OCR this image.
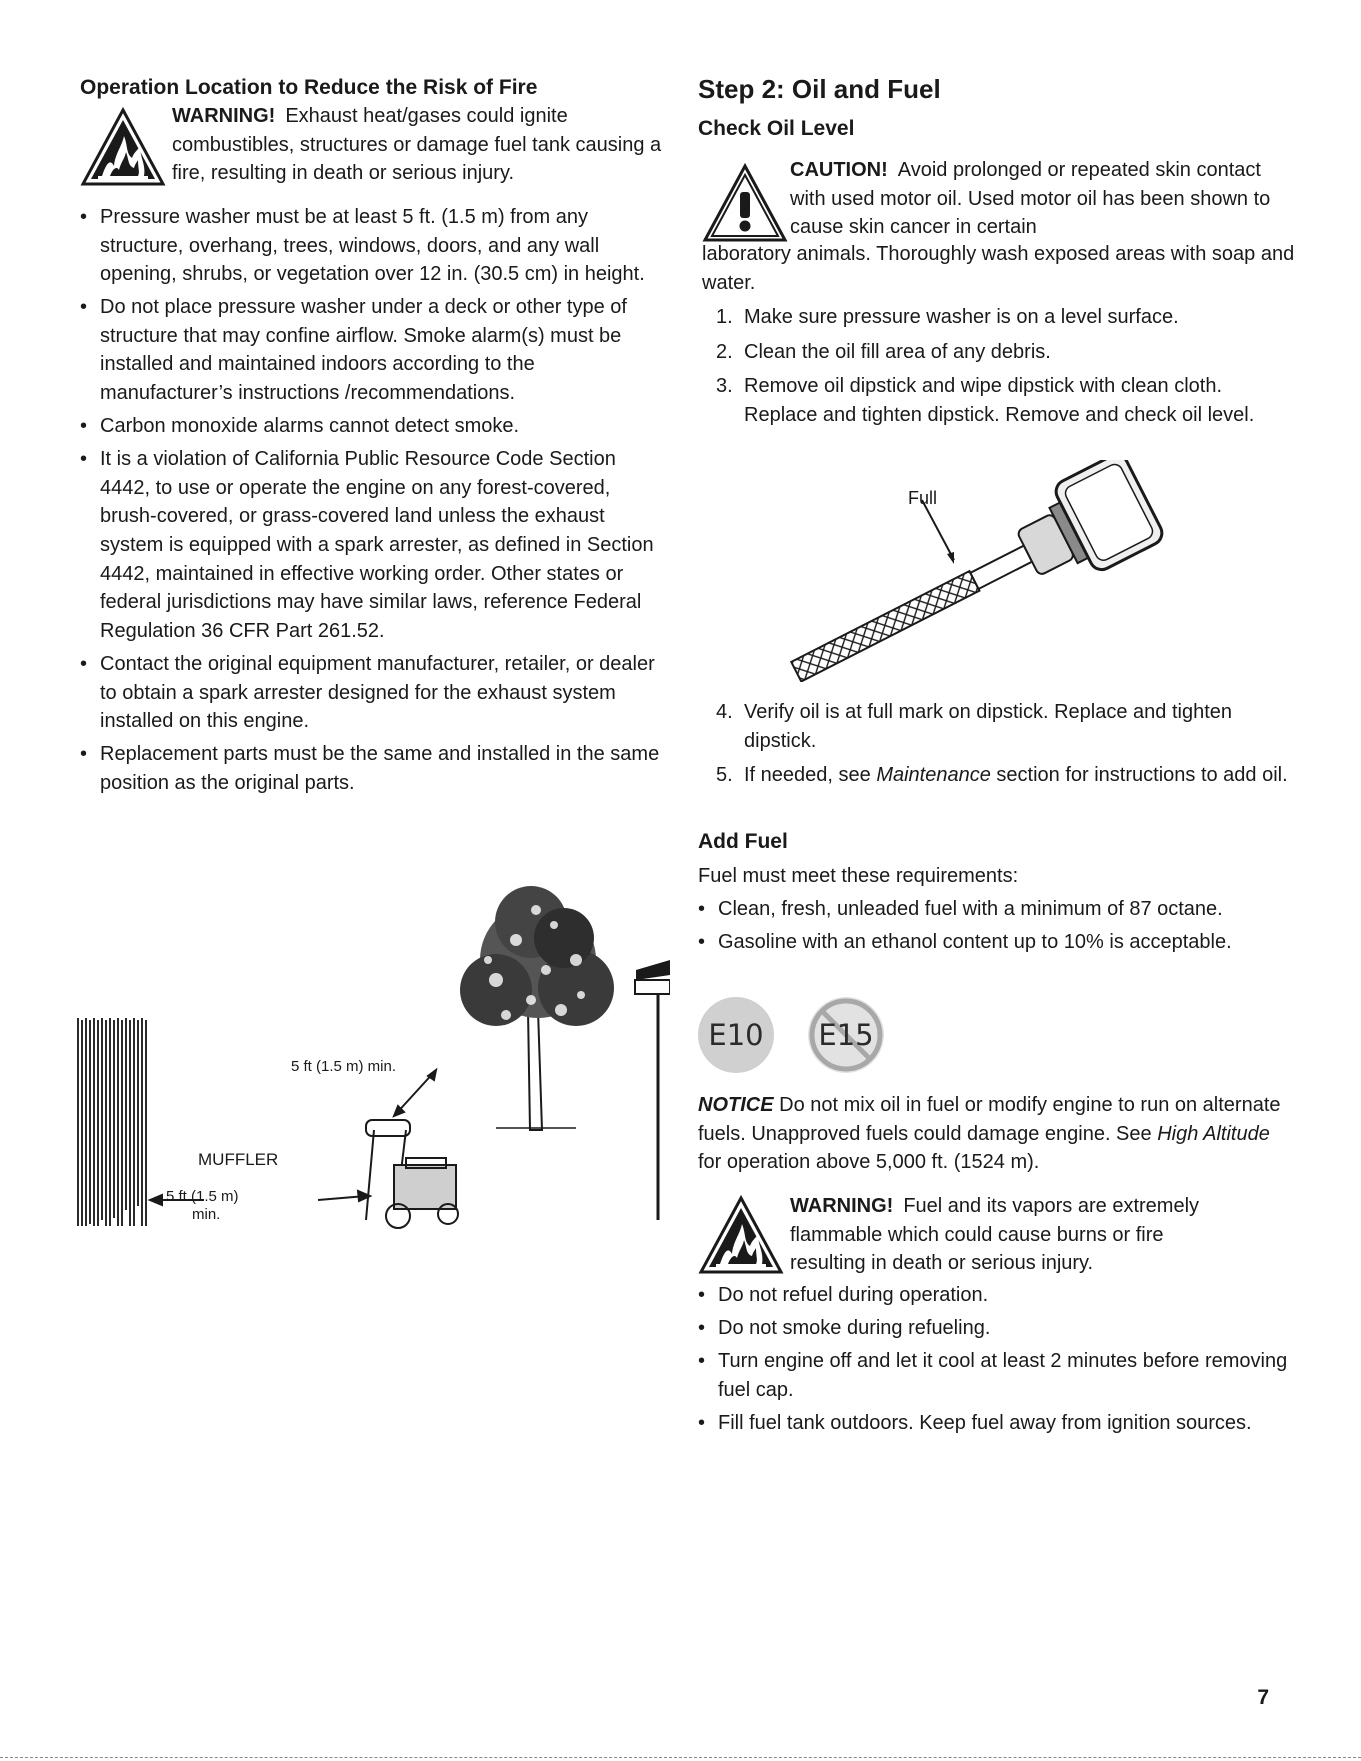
Operation Location to Reduce the Risk of Fire
WARNING! Exhaust heat/gases could ignite combustibles, structures or damage fuel tank causing a fire, resulting in death or serious injury.
• Pressure washer must be at least 5 ft. (1.5 m) from any structure, overhang, trees, windows, doors, and any wall opening, shrubs, or vegetation over 12 in. (30.5 cm) in height.
• Do not place pressure washer under a deck or other type of structure that may confine airflow. Smoke alarm(s) must be installed and maintained indoors according to the manufacturer’s instructions /recommendations.
• Carbon monoxide alarms cannot detect smoke.
• It is a violation of California Public Resource Code Section 4442, to use or operate the engine on any forest-covered, brush-covered, or grass-covered land unless the exhaust system is equipped with a spark arrester, as defined in Section 4442, maintained in effective working order. Other states or federal jurisdictions may have similar laws, reference Federal Regulation 36 CFR Part 261.52.
• Contact the original equipment manufacturer, retailer, or dealer to obtain a spark arrester designed for the exhaust system installed on this engine.
• Replacement parts must be the same and installed in the same position as the original parts.
5 ft (1.5 m) min.
MUFFLER
5 ft (1.5 m)
min.
Step 2: Oil and Fuel
Check Oil Level
CAUTION! Avoid prolonged or repeated skin contact with used motor oil. Used motor oil has been shown to cause skin cancer in certain
laboratory animals. Thoroughly wash exposed areas with soap and water.
1. Make sure pressure washer is on a level surface.
2. Clean the oil fill area of any debris.
3. Remove oil dipstick and wipe dipstick with clean cloth. Replace and tighten dipstick. Remove and check oil level.
Full
4. Verify oil is at full mark on dipstick. Replace and tighten dipstick.
5. If needed, see Maintenance section for instructions to add oil.
Add Fuel
Fuel must meet these requirements:
• Clean, fresh, unleaded fuel with a minimum of 87 octane.
• Gasoline with an ethanol content up to 10% is acceptable.
E10	E15
NOTICE Do not mix oil in fuel or modify engine to run on alternate fuels. Unapproved fuels could damage engine. See High Altitude for operation above 5,000 ft. (1524 m).
WARNING! Fuel and its vapors are extremely flammable which could cause burns or fire resulting in death or serious injury.
• Do not refuel during operation.
• Do not smoke during refueling.
• Turn engine off and let it cool at least 2 minutes before removing fuel cap.
• Fill fuel tank outdoors. Keep fuel away from ignition sources.
7
